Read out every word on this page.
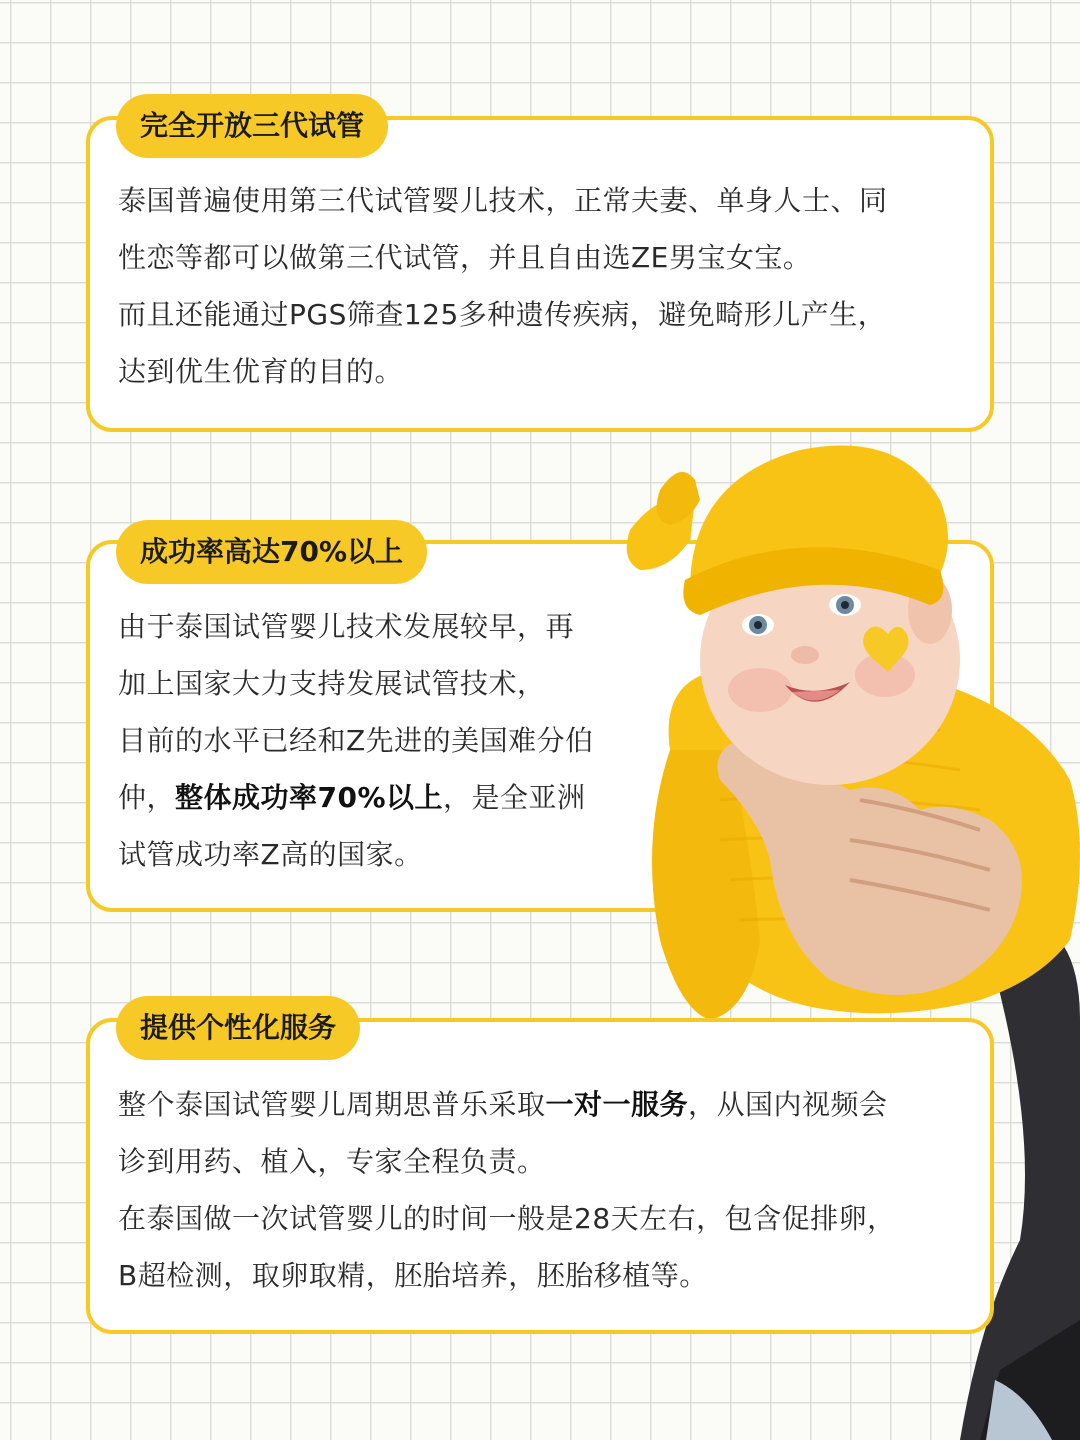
完全开放三代试管

泰国普遍使用第三代试管婴儿技术，正常夫妻、单身人士、同
性恋等都可以做第三代试管，并且自由选ZE男宝女宝。
而且还能通过PGS筛查125多种遗传疾病，避免畸形儿产生，
达到优生优育的目的。

成功率高达70%以上

由于泰国试管婴儿技术发展较早，再
加上国家大力支持发展试管技术，
目前的水平已经和Z先进的美国难分伯
仲，整体成功率70%以上，是全亚洲
试管成功率Z高的国家。

提供个性化服务

整个泰国试管婴儿周期思普乐采取一对一服务，从国内视频会
诊到用药、植入，专家全程负责。
在泰国做一次试管婴儿的时间一般是28天左右，包含促排卵，
B超检测，取卵取精，胚胎培养，胚胎移植等。
